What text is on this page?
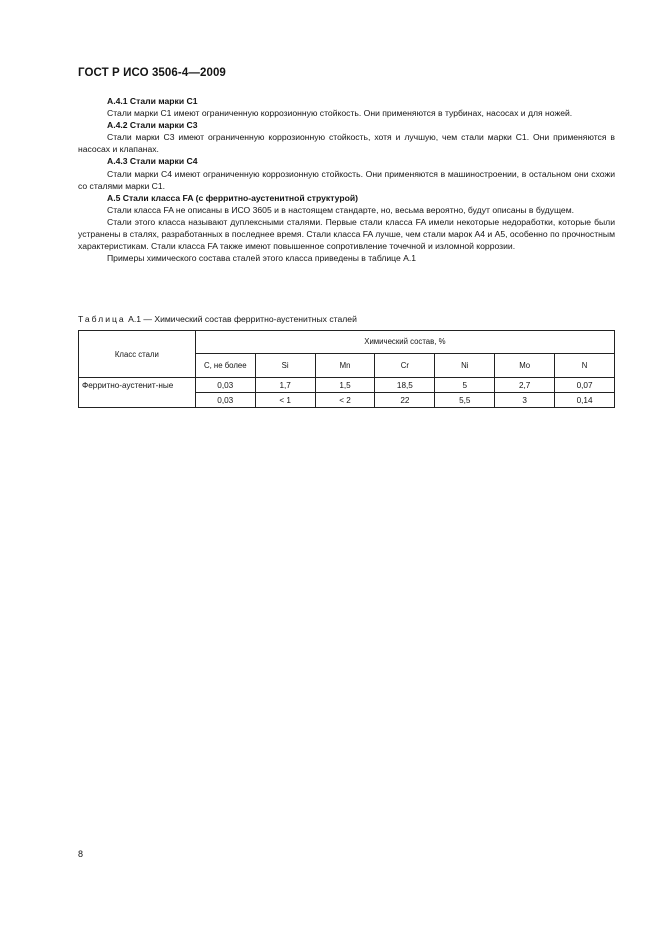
ГОСТ Р ИСО 3506-4—2009

А.4.1 Стали марки С1

Стали марки С1 имеют ограниченную коррозионную стойкость. Они применяются в турбинах, насосах и для ножей.

А.4.2 Стали марки С3

Стали марки С3 имеют ограниченную коррозионную стойкость, хотя и лучшую, чем стали марки С1. Они применяются в насосах и клапанах.

А.4.3 Стали марки С4

Стали марки С4 имеют ограниченную коррозионную стойкость. Они применяются в машиностроении, в остальном они схожи со сталями марки С1.

А.5 Стали класса FA (с ферритно-аустенитной структурой)

Стали класса FA не описаны в ИСО 3605 и в настоящем стандарте, но, весьма вероятно, будут описаны в будущем.

Стали этого класса называют дуплексными сталями. Первые стали класса FA имели некоторые недоработки, которые были устранены в сталях, разработанных в последнее время. Стали класса FA лучше, чем стали марок А4 и А5, особенно по прочностным характеристикам. Стали класса FA также имеют повышенное сопротивление точечной и изломной коррозии.

Примеры химического состава сталей этого класса приведены в таблице А.1

Таблица А.1 — Химический состав ферритно-аустенитных сталей
Класс стали	Химический состав, %						
	С, не более	Si	Mn	Cr	Ni	Mo	N
Ферритно-аустенит-ные	0,03	1,7	1,5	18,5	5	2,7	0,07
	0,03	< 1	< 2	22	5,5	3	0,14
8
